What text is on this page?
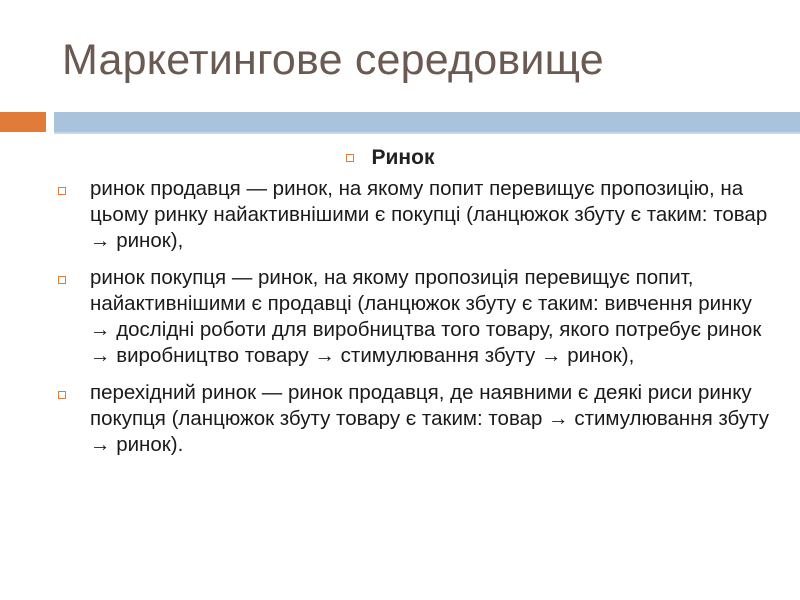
Маркетингове середовище
Ринок
ринок продавця — ринок, на якому попит перевищує пропозицію, на цьому ринку найактивнішими є покупці (ланцюжок збуту є таким: товар → ринок),
ринок покупця — ринок, на якому пропозиція перевищує попит, найактивнішими є продавці (ланцюжок збуту є таким: вивчення ринку → дослідні роботи для виробництва того товару, якого потребує ринок → виробництво товару → стимулювання збуту → ринок),
перехідний ринок — ринок продавця, де наявними є деякі риси ринку покупця (ланцюжок збуту товару є таким: товар → стимулювання збуту → ринок).
